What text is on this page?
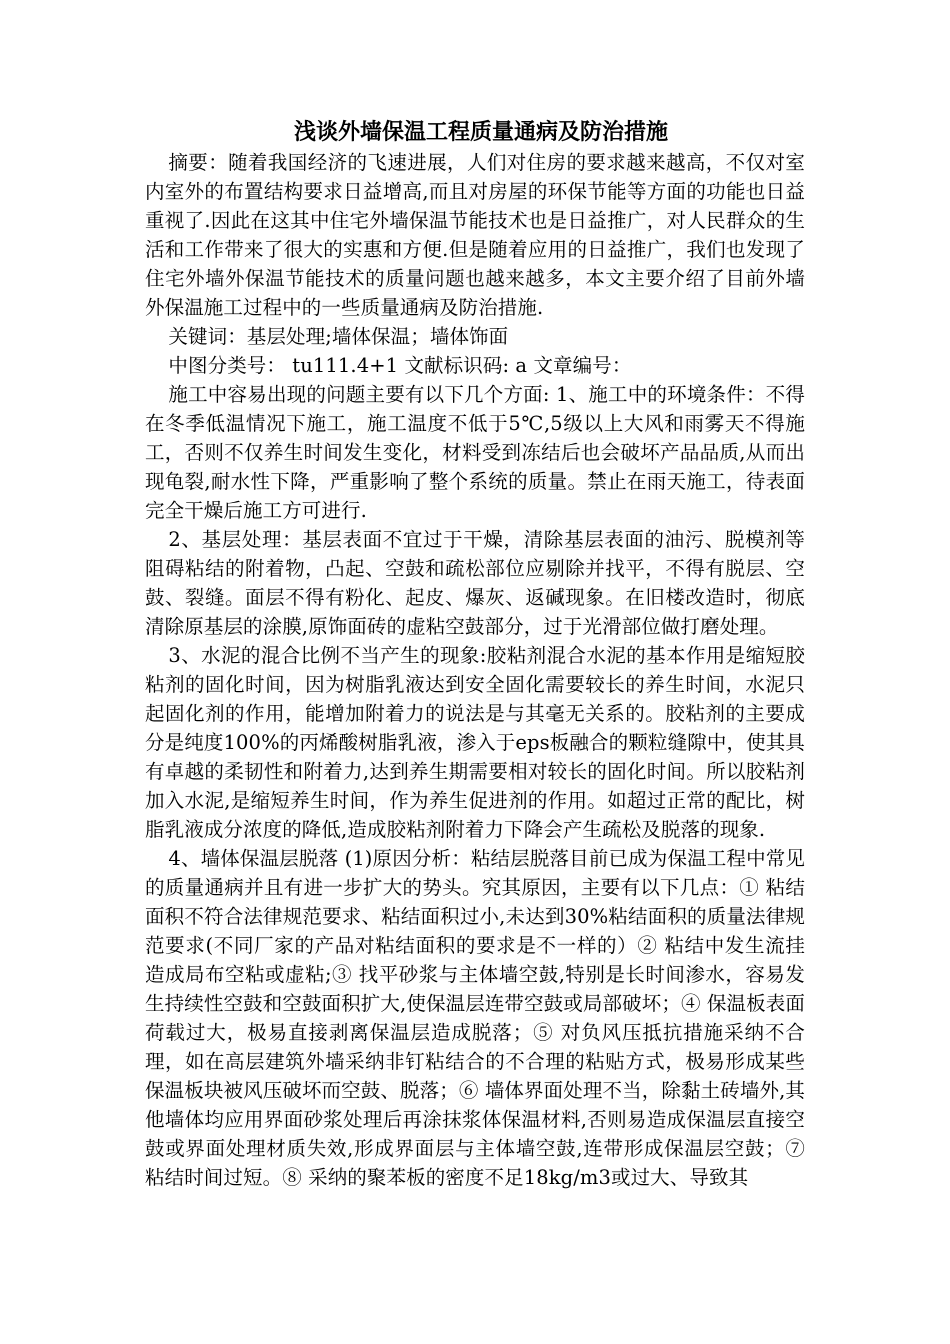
浅谈外墙保温工程质量通病及防治措施

摘要：随着我国经济的飞速进展，人们对住房的要求越来越高，不仅对室内室外的布置结构要求日益增高,而且对房屋的环保节能等方面的功能也日益重视了.因此在这其中住宅外墙保温节能技术也是日益推广，对人民群众的生活和工作带来了很大的实惠和方便.但是随着应用的日益推广，我们也发现了住宅外墙外保温节能技术的质量问题也越来越多，本文主要介绍了目前外墙外保温施工过程中的一些质量通病及防治措施.

关键词：基层处理;墙体保温；墙体饰面

中图分类号： tu111.4+1 文献标识码: a 文章编号：

施工中容易出现的问题主要有以下几个方面: 1、施工中的环境条件：不得在冬季低温情况下施工，施工温度不低于5℃,5级以上大风和雨雾天不得施工，否则不仅养生时间发生变化，材料受到冻结后也会破坏产品品质,从而出现龟裂,耐水性下降，严重影响了整个系统的质量。禁止在雨天施工，待表面完全干燥后施工方可进行.

2、基层处理：基层表面不宜过于干燥，清除基层表面的油污、脱模剂等阻碍粘结的附着物，凸起、空鼓和疏松部位应剔除并找平，不得有脱层、空鼓、裂缝。面层不得有粉化、起皮、爆灰、返碱现象。在旧楼改造时，彻底清除原基层的涂膜,原饰面砖的虚粘空鼓部分，过于光滑部位做打磨处理。

3、水泥的混合比例不当产生的现象:胶粘剂混合水泥的基本作用是缩短胶粘剂的固化时间，因为树脂乳液达到安全固化需要较长的养生时间，水泥只起固化剂的作用，能增加附着力的说法是与其毫无关系的。胶粘剂的主要成分是纯度100%的丙烯酸树脂乳液，渗入于eps板融合的颗粒缝隙中，使其具有卓越的柔韧性和附着力,达到养生期需要相对较长的固化时间。所以胶粘剂加入水泥,是缩短养生时间，作为养生促进剂的作用。如超过正常的配比，树脂乳液成分浓度的降低,造成胶粘剂附着力下降会产生疏松及脱落的现象.

4、墙体保温层脱落 (1)原因分析：粘结层脱落目前已成为保温工程中常见的质量通病并且有进一步扩大的势头。究其原因，主要有以下几点：① 粘结面积不符合法律规范要求、粘结面积过小,未达到30%粘结面积的质量法律规范要求(不同厂家的产品对粘结面积的要求是不一样的）② 粘结中发生流挂造成局布空粘或虚粘;③ 找平砂浆与主体墙空鼓,特别是长时间渗水，容易发生持续性空鼓和空鼓面积扩大,使保温层连带空鼓或局部破坏；④ 保温板表面荷载过大，极易直接剥离保温层造成脱落；⑤ 对负风压抵抗措施采纳不合理，如在高层建筑外墙采纳非钉粘结合的不合理的粘贴方式，极易形成某些保温板块被风压破坏而空鼓、脱落；⑥ 墙体界面处理不当，除黏土砖墙外,其他墙体均应用界面砂浆处理后再涂抹浆体保温材料,否则易造成保温层直接空鼓或界面处理材质失效,形成界面层与主体墙空鼓,连带形成保温层空鼓；⑦ 粘结时间过短。⑧ 采纳的聚苯板的密度不足18kg/m3或过大、导致其
